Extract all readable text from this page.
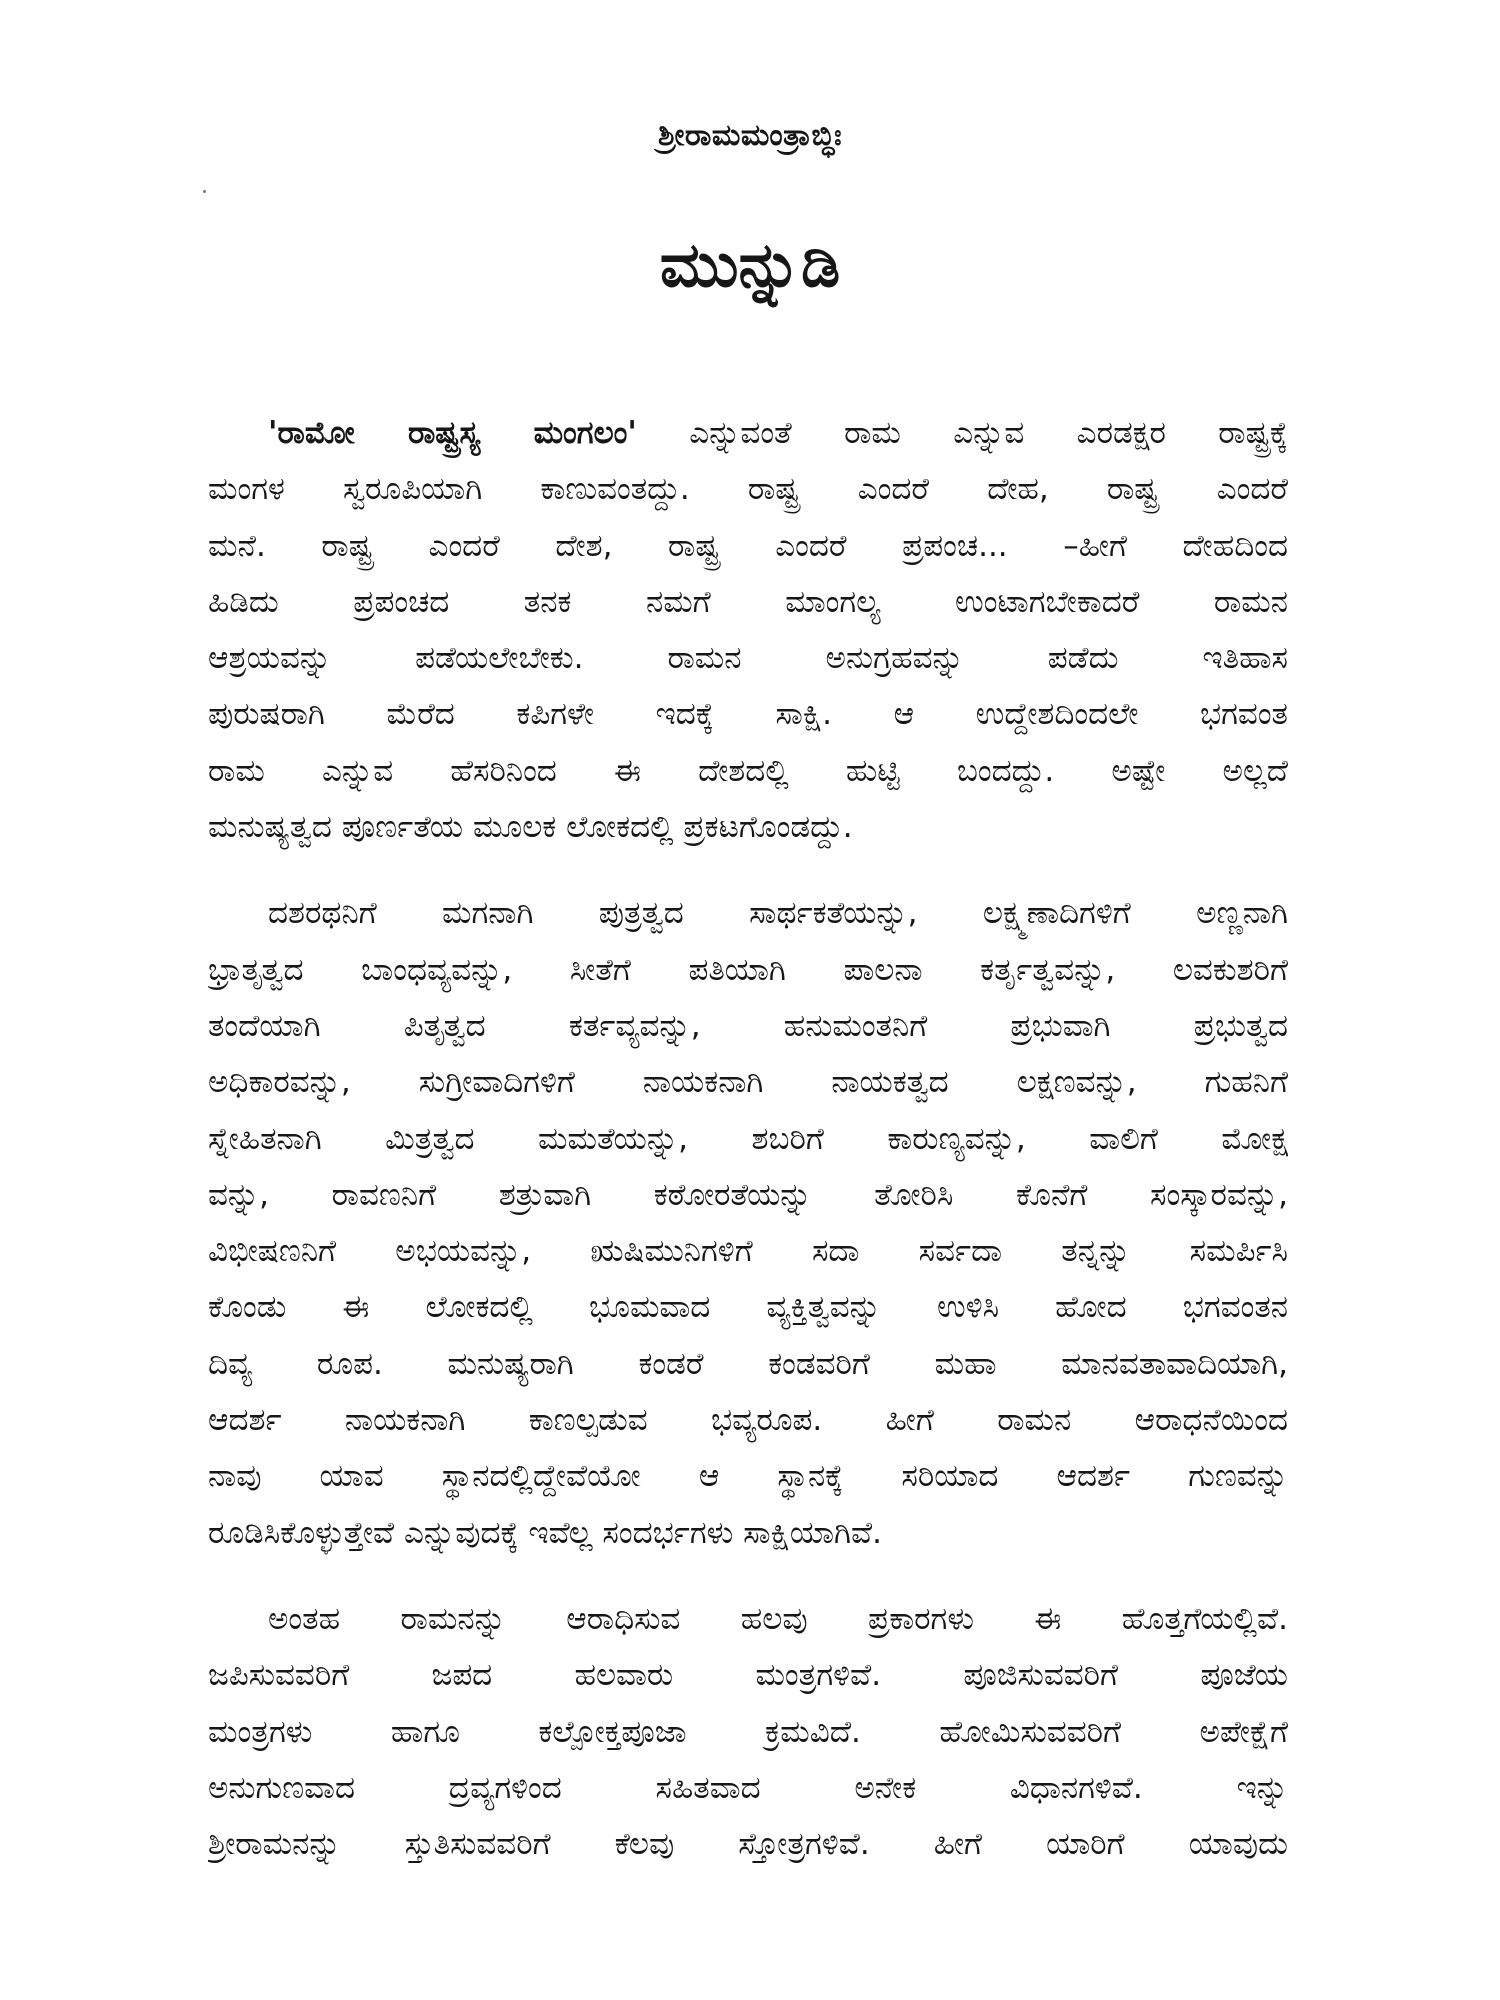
ಶ್ರೀರಾಮಮಂತ್ರಾಬ್ಧಿಃ
ಮುನ್ನುಡಿ
'ರಾಮೋ ರಾಷ್ಟ್ರಸ್ಯ ಮಂಗಲಂ' ಎನ್ನುವಂತೆ ರಾಮ ಎನ್ನುವ ಎರಡಕ್ಷರ ರಾಷ್ಟ್ರಕ್ಕೆ
ಮಂಗಳ ಸ್ವರೂಪಿಯಾಗಿ ಕಾಣುವಂತದ್ದು. ರಾಷ್ಟ್ರ ಎಂದರೆ ದೇಹ, ರಾಷ್ಟ್ರ ಎಂದರೆ
ಮನೆ. ರಾಷ್ಟ್ರ ಎಂದರೆ ದೇಶ, ರಾಷ್ಟ್ರ ಎಂದರೆ ಪ್ರಪಂಚ... –ಹೀಗೆ ದೇಹದಿಂದ
ಹಿಡಿದು ಪ್ರಪಂಚದ ತನಕ ನಮಗೆ ಮಾಂಗಲ್ಯ ಉಂಟಾಗಬೇಕಾದರೆ ರಾಮನ
ಆಶ್ರಯವನ್ನು ಪಡೆಯಲೇಬೇಕು. ರಾಮನ ಅನುಗ್ರಹವನ್ನು ಪಡೆದು ಇತಿಹಾಸ
ಪುರುಷರಾಗಿ ಮೆರೆದ ಕಪಿಗಳೇ ಇದಕ್ಕೆ ಸಾಕ್ಷಿ. ಆ ಉದ್ದೇಶದಿಂದಲೇ ಭಗವಂತ
ರಾಮ ಎನ್ನುವ ಹೆಸರಿನಿಂದ ಈ ದೇಶದಲ್ಲಿ ಹುಟ್ಟಿ ಬಂದದ್ದು. ಅಷ್ಟೇ ಅಲ್ಲದೆ
ಮನುಷ್ಯತ್ವದ ಪೂರ್ಣತೆಯ ಮೂಲಕ ಲೋಕದಲ್ಲಿ ಪ್ರಕಟಗೊಂಡದ್ದು.
ದಶರಥನಿಗೆ ಮಗನಾಗಿ ಪುತ್ರತ್ವದ ಸಾರ್ಥಕತೆಯನ್ನು, ಲಕ್ಷ್ಮಣಾದಿಗಳಿಗೆ ಅಣ್ಣನಾಗಿ
ಭ್ರಾತೃತ್ವದ ಬಾಂಧವ್ಯವನ್ನು, ಸೀತೆಗೆ ಪತಿಯಾಗಿ ಪಾಲನಾ ಕರ್ತೃತ್ವವನ್ನು, ಲವಕುಶರಿಗೆ
ತಂದೆಯಾಗಿ ಪಿತೃತ್ವದ ಕರ್ತವ್ಯವನ್ನು, ಹನುಮಂತನಿಗೆ ಪ್ರಭುವಾಗಿ ಪ್ರಭುತ್ವದ
ಅಧಿಕಾರವನ್ನು, ಸುಗ್ರೀವಾದಿಗಳಿಗೆ ನಾಯಕನಾಗಿ ನಾಯಕತ್ವದ ಲಕ್ಷಣವನ್ನು, ಗುಹನಿಗೆ
ಸ್ನೇಹಿತನಾಗಿ ಮಿತ್ರತ್ವದ ಮಮತೆಯನ್ನು, ಶಬರಿಗೆ ಕಾರುಣ್ಯವನ್ನು, ವಾಲಿಗೆ ಮೋಕ್ಷ
ವನ್ನು, ರಾವಣನಿಗೆ ಶತ್ರುವಾಗಿ ಕಠೋರತೆಯನ್ನು ತೋರಿಸಿ ಕೊನೆಗೆ ಸಂಸ್ಕಾರವನ್ನು,
ವಿಭೀಷಣನಿಗೆ ಅಭಯವನ್ನು, ಋಷಿಮುನಿಗಳಿಗೆ ಸದಾ ಸರ್ವದಾ ತನ್ನನ್ನು ಸಮರ್ಪಿಸಿ
ಕೊಂಡು ಈ ಲೋಕದಲ್ಲಿ ಭೂಮವಾದ ವ್ಯಕ್ತಿತ್ವವನ್ನು ಉಳಿಸಿ ಹೋದ ಭಗವಂತನ
ದಿವ್ಯ ರೂಪ. ಮನುಷ್ಯರಾಗಿ ಕಂಡರೆ ಕಂಡವರಿಗೆ ಮಹಾ ಮಾನವತಾವಾದಿಯಾಗಿ,
ಆದರ್ಶ ನಾಯಕನಾಗಿ ಕಾಣಲ್ಪಡುವ ಭವ್ಯರೂಪ. ಹೀಗೆ ರಾಮನ ಆರಾಧನೆಯಿಂದ
ನಾವು ಯಾವ ಸ್ಥಾನದಲ್ಲಿದ್ದೇವೆಯೋ ಆ ಸ್ಥಾನಕ್ಕೆ ಸರಿಯಾದ ಆದರ್ಶ ಗುಣವನ್ನು
ರೂಡಿಸಿಕೊಳ್ಳುತ್ತೇವೆ ಎನ್ನುವುದಕ್ಕೆ ಇವೆಲ್ಲ ಸಂದರ್ಭಗಳು ಸಾಕ್ಷಿಯಾಗಿವೆ.
ಅಂತಹ ರಾಮನನ್ನು ಆರಾಧಿಸುವ ಹಲವು ಪ್ರಕಾರಗಳು ಈ ಹೊತ್ತಗೆಯಲ್ಲಿವೆ.
ಜಪಿಸುವವರಿಗೆ ಜಪದ ಹಲವಾರು ಮಂತ್ರಗಳಿವೆ. ಪೂಜಿಸುವವರಿಗೆ ಪೂಜೆಯ
ಮಂತ್ರಗಳು ಹಾಗೂ ಕಲ್ಪೋಕ್ತಪೂಜಾ ಕ್ರಮವಿದೆ. ಹೋಮಿಸುವವರಿಗೆ ಅಪೇಕ್ಷೆಗೆ
ಅನುಗುಣವಾದ ದ್ರವ್ಯಗಳಿಂದ ಸಹಿತವಾದ ಅನೇಕ ವಿಧಾನಗಳಿವೆ. ಇನ್ನು
ಶ್ರೀರಾಮನನ್ನು ಸ್ತುತಿಸುವವರಿಗೆ ಕೆಲವು ಸ್ತೋತ್ರಗಳಿವೆ. ಹೀಗೆ ಯಾರಿಗೆ ಯಾವುದು
